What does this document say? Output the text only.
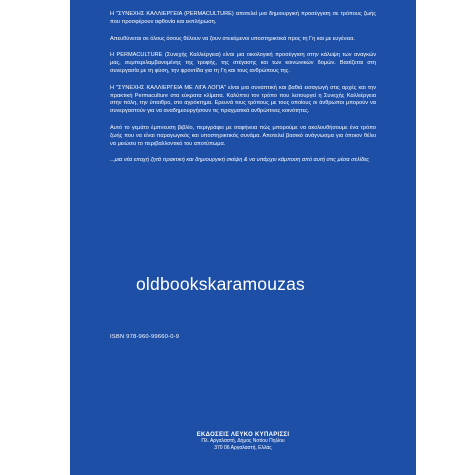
Η "ΣΥΝΕΧΗΣ ΚΑΛΛΙΕΡΓΕΙΑ (PERMACULTURE) αποτελεί μια δημιουργική προσέγγιση σε τρόπους ζωής που προσφέρουν αφθονία και εκπλήρωση.

Απευθύνεται σε όλους όσους θέλουν να ζουν στεκόμενοι υποστηρικτικά προς τη Γη και με ευγένεια.

Η PERMACULTURE (Συνεχής Καλλιέργεια) είναι μια οικολογική προσέγγιση στην κάλυψη των αναγκών μας, συμπεριλαμβανομένης της τροφής, της στέγασης και των κοινωνικών δομών. Βασίζεται στη συνεργασία με τη φύση, την φροντίδα για τη Γη και τους ανθρώπους της.

Η "ΣΥΝΕΧΗΣ ΚΑΛΛΙΕΡΓΕΙΑ ΜΕ ΛΙΓΑ ΛΟΓΙΑ" είναι μια συναπτική και βαθιά εισαγωγή στις αρχές και την πρακτική Permaculture στα εύκρατα κλίματα. Καλύπτει τον τρόπο που λειτουργεί η Συνεχής Καλλιέργεια στην πόλη, την ύπαιθρο, στο αγρόκτημα. Ερευνά τους τρόπους με τους οποίους οι άνθρωποι μπορούν να συνεργαστούν για να αναδημιουργήσουν τις πραγματικά ανθρώπινες κοινότητες.

Αυτό το γεμάτο έμπνευση βιβλίο, περιγράφει με σαφήνεια πώς μπορούμε να ακολουθήσουμε ένα τρόπο ζωής που να είναι παραγωγικός και υποστηρικτικός συνάμα. Αποτελεί βασικό ανάγνωσμα για όποιον θέλει να μειώσει το περιβαλλοντικό του αποτύπωμα.

...μια νέα εποχή ζητά πρακτική και δημιουργική σκέψη & να υπάρχει κάμποση από αυτή στις μέσα σελίδες

oldbookskaramouzas
ISBN 978-960-99660-0-9
ΕΚΔΟΣΕΙΣ ΛΕΥΚΟ ΚΥΠΑΡΙΣΣΙ
Πλ. Αργαλαστή, Δήμος Νοτίου Πηλίου
370 06 Αργαλαστή, Ελλάς
